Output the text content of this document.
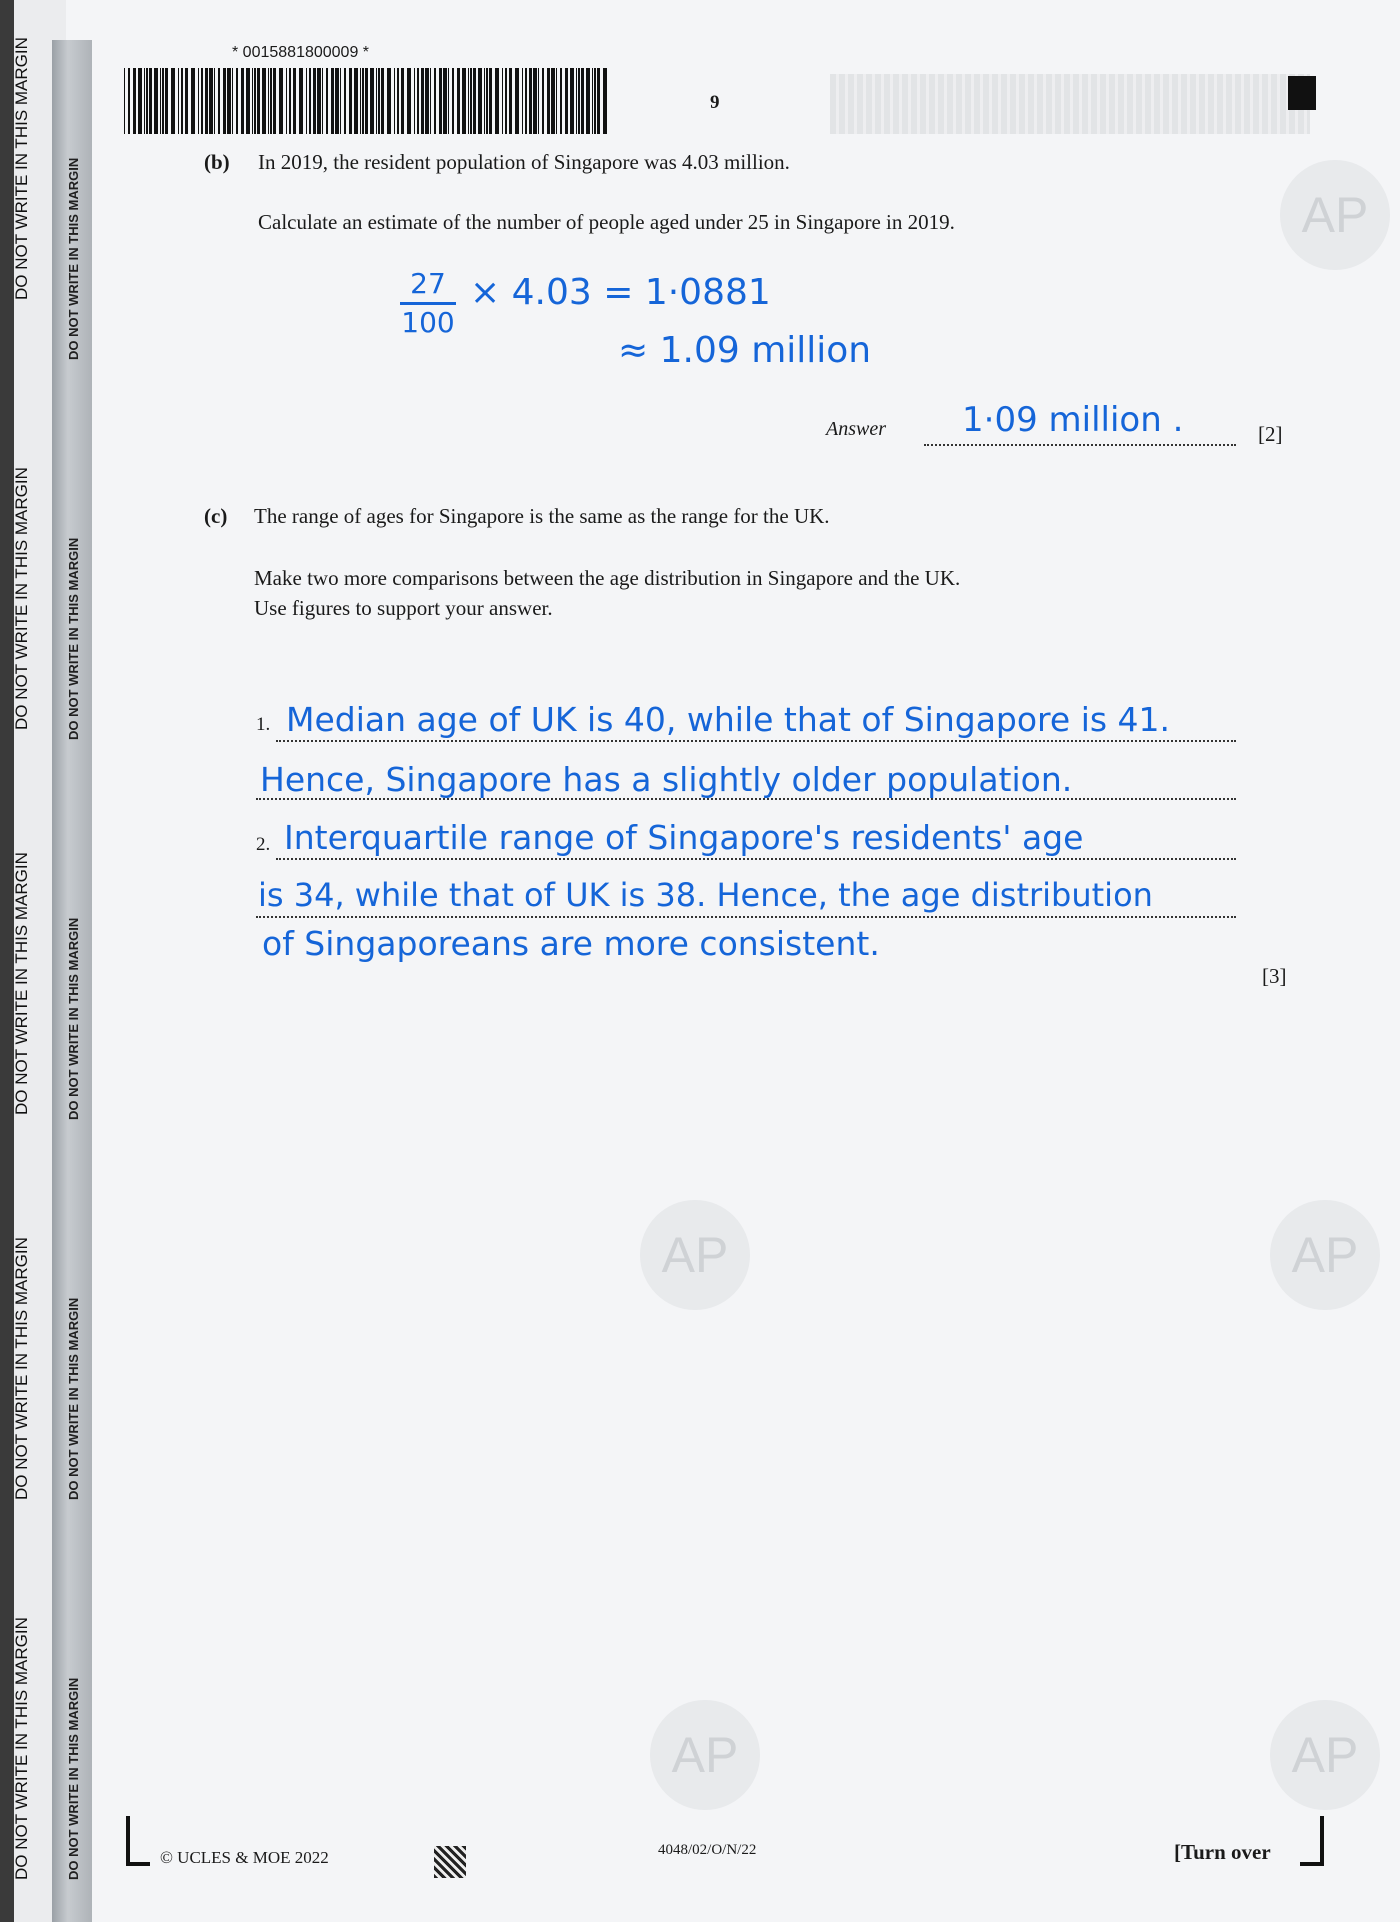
DO NOT WRITE IN THIS MARGIN
DO NOT WRITE IN THIS MARGIN
DO NOT WRITE IN THIS MARGIN
DO NOT WRITE IN THIS MARGIN
DO NOT WRITE IN THIS MARGIN
DO NOT WRITE IN THIS MARGIN
DO NOT WRITE IN THIS MARGIN
DO NOT WRITE IN THIS MARGIN
DO NOT WRITE IN THIS MARGIN
DO NOT WRITE IN THIS MARGIN
* 0015881800009 *
9
(b) In 2019, the resident population of Singapore was 4.03 million.
Calculate an estimate of the number of people aged under 25 in Singapore in 2019.
27
100
× 4.03 = 1·0881
≈ 1.09 million
Answer 1·09 million .	[2]
(c) The range of ages for Singapore is the same as the range for the UK.
Make two more comparisons between the age distribution in Singapore and the UK.
Use figures to support your answer.
1.
2.
Median age of UK is 40, while that of Singapore is 41.
Hence, Singapore has a slightly older population.
Interquartile range of Singapore's residents' age
is 34, while that of UK is 38. Hence, the age distribution
of Singaporeans are more consistent.
[3]
AP
AP	AP
AP	AP
© UCLES & MOE 2022	4048/02/O/N/22	[Turn over
